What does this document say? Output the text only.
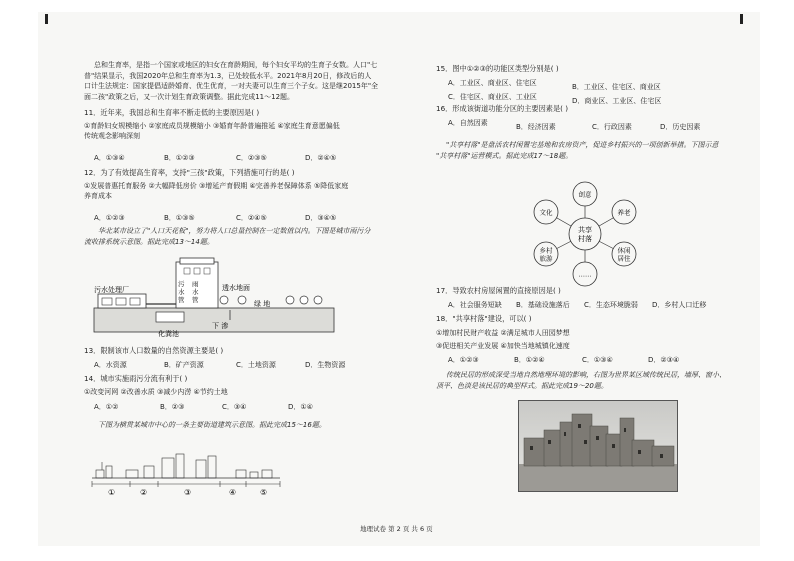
总和生育率，是指一个国家或地区的妇女在育龄期间，每个妇女平均的生育子女数。人口"七

普"结果显示，我国2020年总和生育率为1.3，已处较低水平。2021年8月20日，修改后的人

口计生法规定：国家提倡适龄婚育、优生优育，一对夫妻可以生育三个子女。这是继2015年"全

面二孩"政策之后，又一次计划生育政策调整。据此完成11～12题。

11．近年来，我国总和生育率不断走低的主要原因是( )

①育龄妇女规模缩小 ②家庭成员规模缩小 ③婚育年龄普遍推延 ④家庭生育意愿偏低

传统观念影响深刻

A．①③④	B．①②③	C．②③⑤	D．②④⑤

12．为了有效提高生育率，支持"三孩"政策，下列措施可行的是( )

①发展普惠托育服务 ②大幅降低房价 ③增延产育假期 ④完善养老保障体系 ⑤降低家庭

养育成本

A．①②③	B．①③⑤	C．②④⑤	D．③④⑤

华北某市设立了"人口天花板"，努力将人口总量控制在一定数值以内。下图是城市雨污分

流收排系统示意图。据此完成13～14题。

污水处理厂
污
水
管
雨
水
管
化粪池
透水地面
绿 地
下 渗

13．限制该市人口数量的自然资源主要是( )

A．水资源	B．矿产资源	C．土地资源	D．生物资源

14．城市实施雨污分流有利于( )

①改变河网 ②改善水质 ③减少内涝 ④节约土地

A．①②	B．②③	C．③④	D．①④
下图为横贯某城市中心的一条主要街道建筑示意图。据此完成15～16题。
①	②	③	④	⑤

15．图中①②③的功能区类型分别是( )

A．工业区、商业区、住宅区	B．工业区、住宅区、商业区
C．住宅区、商业区、工业区	D．商业区、工业区、住宅区

16．形成该街道功能分区的主要因素是( )

A．自然因素	B．经济因素	C．行政因素	D．历史因素

"共享村落"是盘活农村闲置宅基地和农房资产，促进乡村振兴的一项创新举措。下图示意

"共享村落"运营模式。据此完成17～18题。

共享
村落
创意
养老
休闲
居住
……
乡村
旅游
文化

17．导致农村房屋闲置的直接原因是( )

A．社会服务短缺 B．基础设施落后 C．生态环境脆弱 D．乡村人口迁移

18．"共享村落"建设，可以( )

①增加村民财产收益 ②满足城市人田园梦想

③促进相关产业发展 ④加快当地城镇化速度

A．①②③	B．①②④	C．①③④	D．②③④

传统民居的形成深受当地自然地理环境的影响，右图为世界某区域传统民居，墙厚、窗小、

顶平、色淡是该民居的典型样式。据此完成19～20题。

地理试卷 第 2 页 共 6 页
